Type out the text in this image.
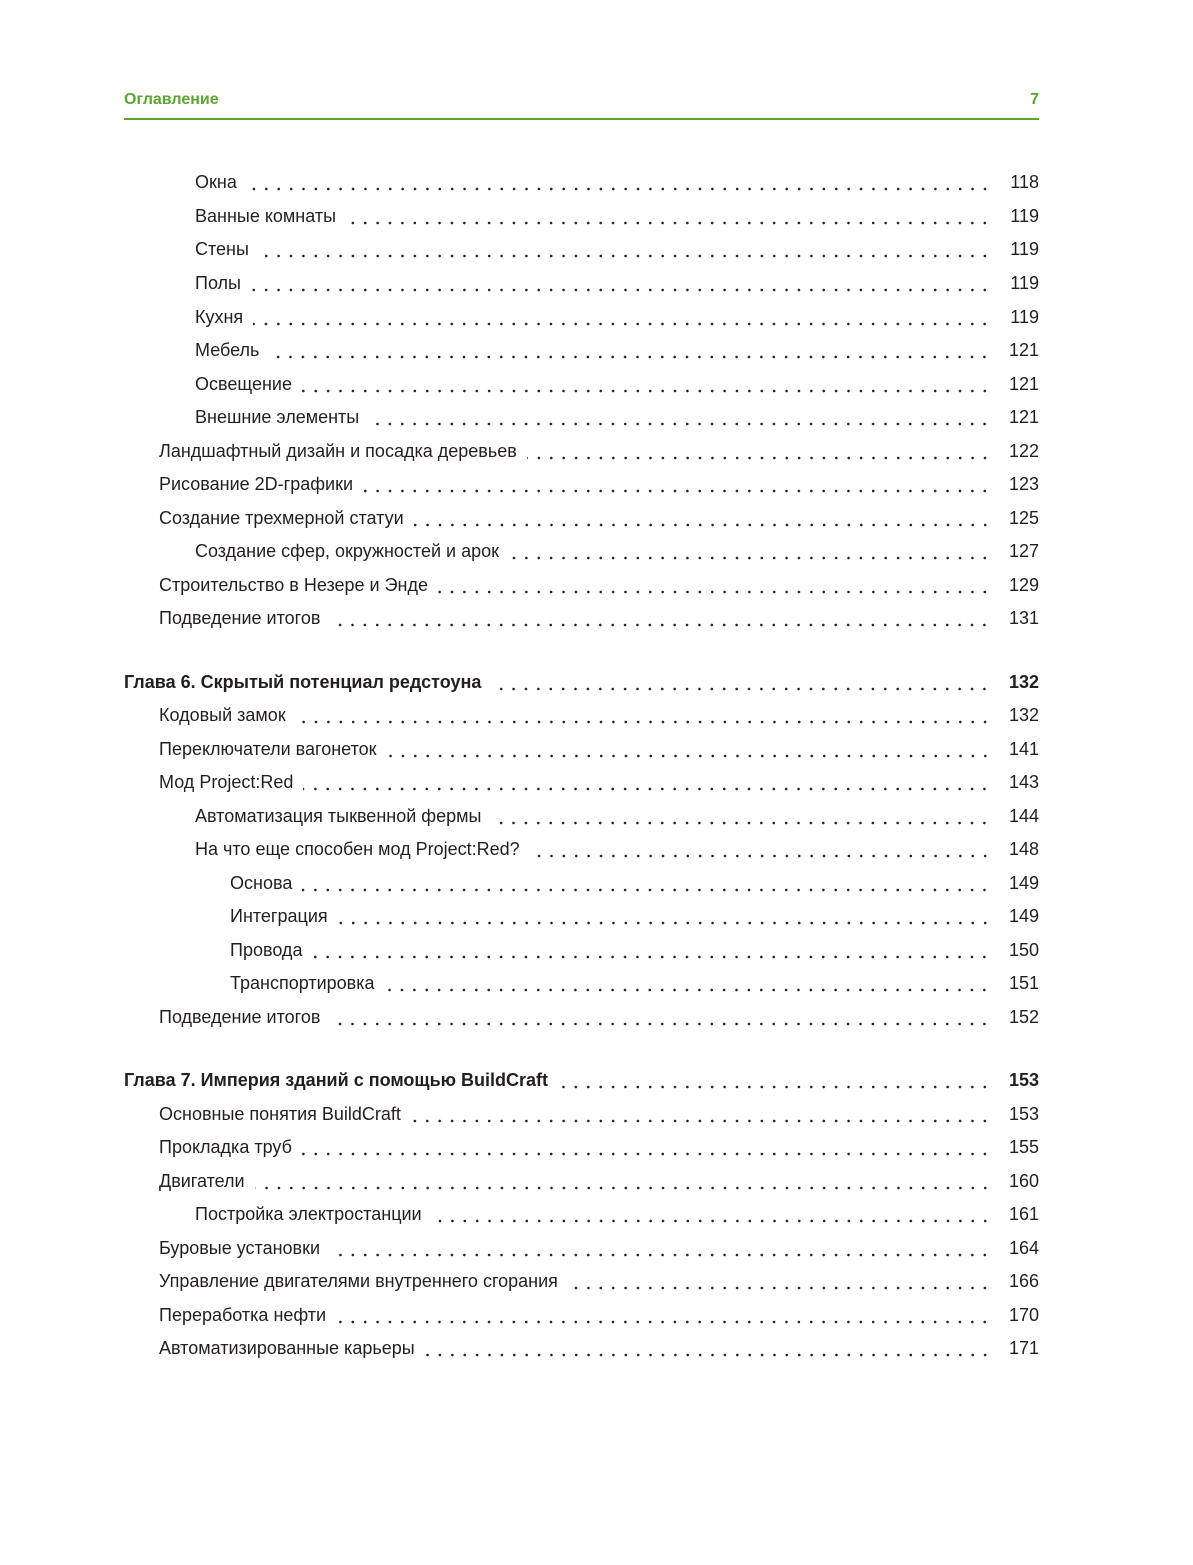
Оглавление	7
Окна	118
Ванные комнаты	119
Стены	119
Полы	119
Кухня	119
Мебель	121
Освещение	121
Внешние элементы	121
Ландшафтный дизайн и посадка деревьев	122
Рисование 2D-графики	123
Создание трехмерной статуи	125
Создание сфер, окружностей и арок	127
Строительство в Незере и Энде	129
Подведение итогов	131
Глава 6. Скрытый потенциал редстоуна	132
Кодовый замок	132
Переключатели вагонеток	141
Мод Project:Red	143
Автоматизация тыквенной фермы	144
На что еще способен мод Project:Red?	148
Основа	149
Интеграция	149
Провода	150
Транспортировка	151
Подведение итогов	152
Глава 7. Империя зданий с помощью BuildCraft	153
Основные понятия BuildCraft	153
Прокладка труб	155
Двигатели	160
Постройка электростанции	161
Буровые установки	164
Управление двигателями внутреннего сгорания	166
Переработка нефти	170
Автоматизированные карьеры	171
